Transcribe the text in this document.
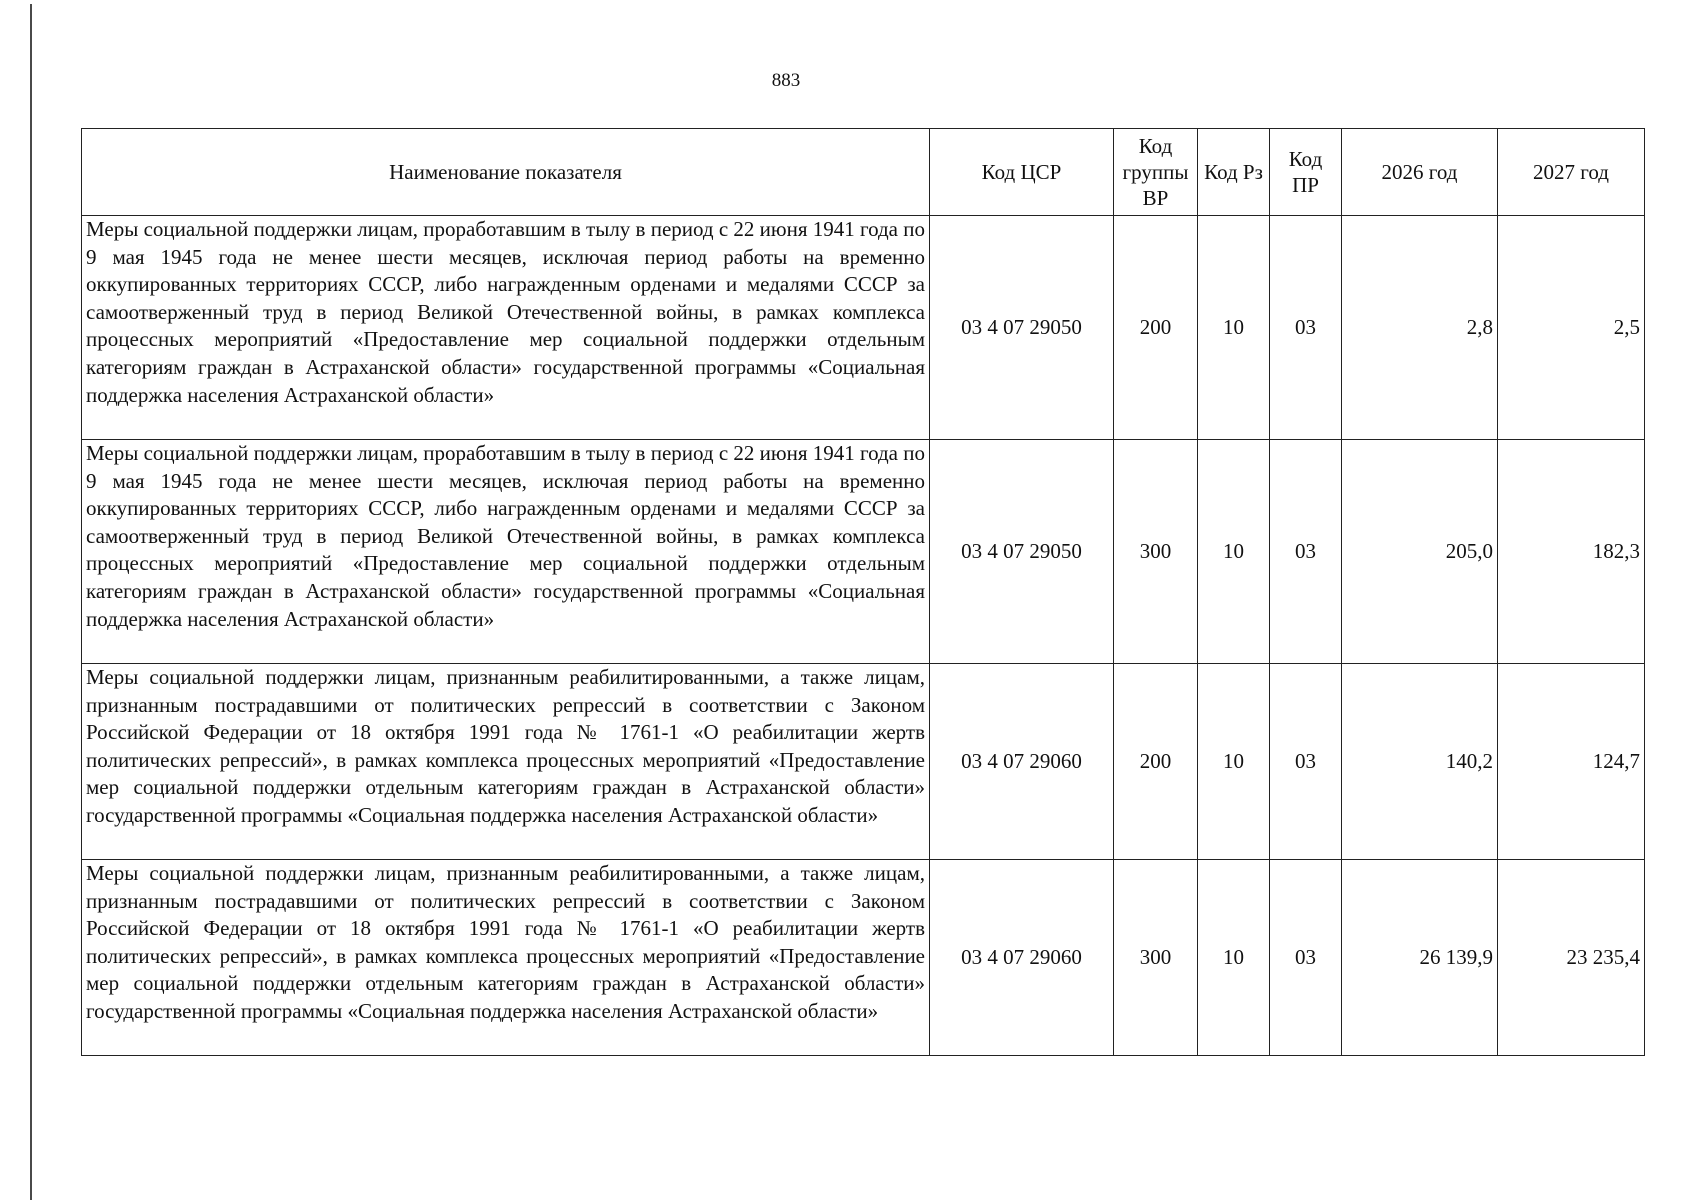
883
Наименование показателя	Код ЦСР	Код группы ВР	Код Рз	Код ПР	2026 год	2027 год
Меры социальной поддержки лицам, проработавшим в тылу в период с 22 июня 1941 года по 9 мая 1945 года не менее шести месяцев, исключая период работы на временно оккупированных территориях СССР, либо награжденным орденами и медалями СССР за самоотверженный труд в период Великой Отечественной войны, в рамках комплекса процессных мероприятий «Предоставление мер социальной поддержки отдельным категориям граждан в Астраханской области» государственной программы «Социальная поддержка населения Астраханской области»	03 4 07 29050	200	10	03	2,8	2,5
Меры социальной поддержки лицам, проработавшим в тылу в период с 22 июня 1941 года по 9 мая 1945 года не менее шести месяцев, исключая период работы на временно оккупированных территориях СССР, либо награжденным орденами и медалями СССР за самоотверженный труд в период Великой Отечественной войны, в рамках комплекса процессных мероприятий «Предоставление мер социальной поддержки отдельным категориям граждан в Астраханской области» государственной программы «Социальная поддержка населения Астраханской области»	03 4 07 29050	300	10	03	205,0	182,3
Меры социальной поддержки лицам, признанным реабилитированными, а также лицам, признанным пострадавшими от политических репрессий в соответствии с Законом Российской Федерации от 18 октября 1991 года № 1761-1 «О реабилитации жертв политических репрессий», в рамках комплекса процессных мероприятий «Предоставление мер социальной поддержки отдельным категориям граждан в Астраханской области» государственной программы «Социальная поддержка населения Астраханской области»	03 4 07 29060	200	10	03	140,2	124,7
Меры социальной поддержки лицам, признанным реабилитированными, а также лицам, признанным пострадавшими от политических репрессий в соответствии с Законом Российской Федерации от 18 октября 1991 года № 1761-1 «О реабилитации жертв политических репрессий», в рамках комплекса процессных мероприятий «Предоставление мер социальной поддержки отдельным категориям граждан в Астраханской области» государственной программы «Социальная поддержка населения Астраханской области»	03 4 07 29060	300	10	03	26 139,9	23 235,4
